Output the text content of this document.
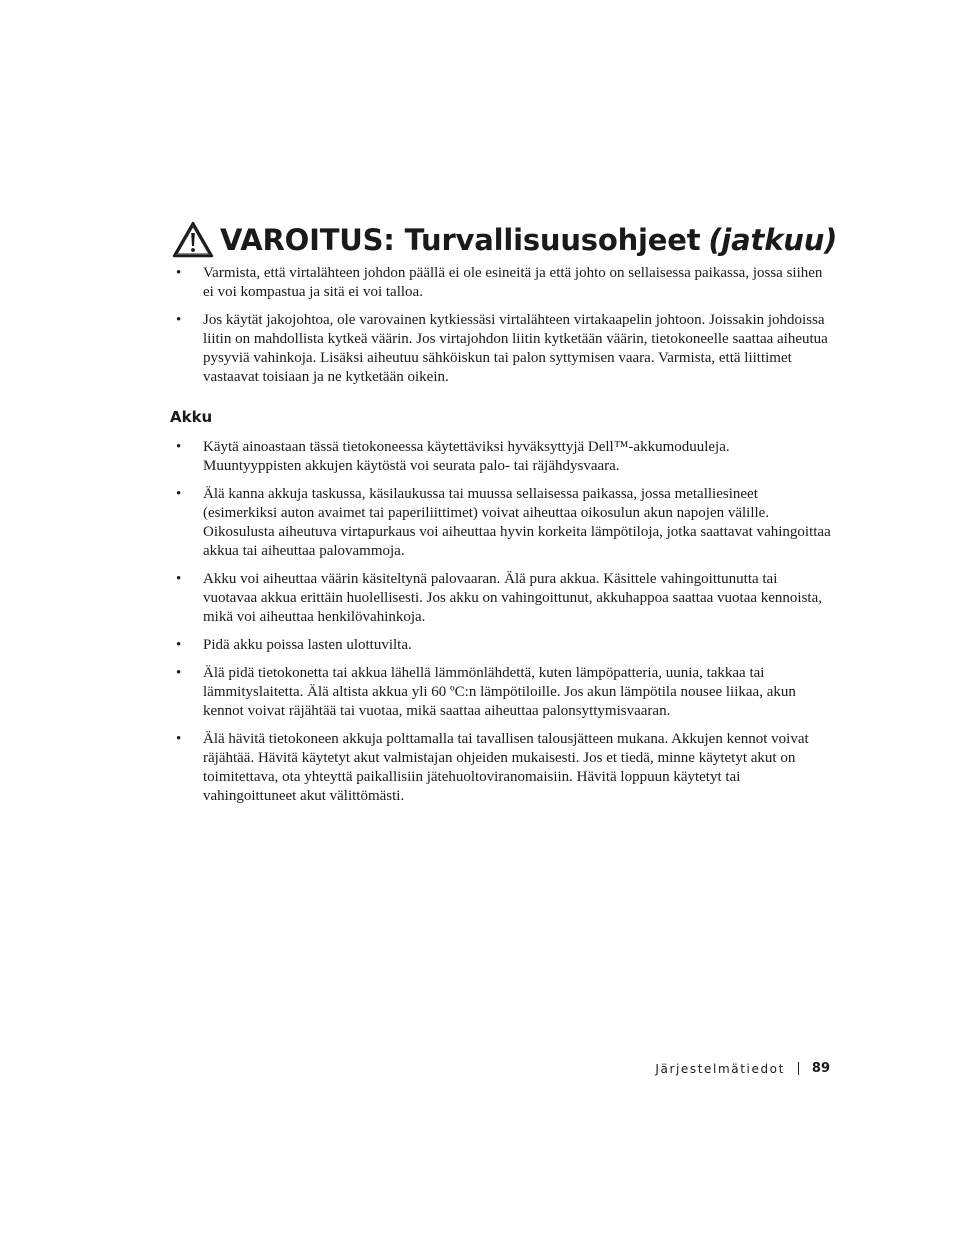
VAROITUS: Turvallisuusohjeet (jatkuu)
• Varmista, että virtalähteen johdon päällä ei ole esineitä ja että johto on sellaisessa paikassa, jossa siihen ei voi kompastua ja sitä ei voi talloa.
• Jos käytät jakojohtoa, ole varovainen kytkiessäsi virtalähteen virtakaapelin johtoon. Joissakin johdoissa liitin on mahdollista kytkeä väärin. Jos virtajohdon liitin kytketään väärin, tietokoneelle saattaa aiheutua pysyviä vahinkoja. Lisäksi aiheutuu sähköiskun tai palon syttymisen vaara. Varmista, että liittimet vastaavat toisiaan ja ne kytketään oikein.
Akku
• Käytä ainoastaan tässä tietokoneessa käytettäviksi hyväksyttyjä Dell™-akkumoduuleja. Muuntyyppisten akkujen käytöstä voi seurata palo- tai räjähdysvaara.
• Älä kanna akkuja taskussa, käsilaukussa tai muussa sellaisessa paikassa, jossa metalliesineet (esimerkiksi auton avaimet tai paperiliittimet) voivat aiheuttaa oikosulun akun napojen välille. Oikosulusta aiheutuva virtapurkaus voi aiheuttaa hyvin korkeita lämpötiloja, jotka saattavat vahingoittaa akkua tai aiheuttaa palovammoja.
• Akku voi aiheuttaa väärin käsiteltynä palovaaran. Älä pura akkua. Käsittele vahingoittunutta tai vuotavaa akkua erittäin huolellisesti. Jos akku on vahingoittunut, akkuhappoa saattaa vuotaa kennoista, mikä voi aiheuttaa henkilövahinkoja.
• Pidä akku poissa lasten ulottuvilta.
• Älä pidä tietokonetta tai akkua lähellä lämmönlähdettä, kuten lämpöpatteria, uunia, takkaa tai lämmityslaitetta. Älä altista akkua yli 60 ºC:n lämpötiloille. Jos akun lämpötila nousee liikaa, akun kennot voivat räjähtää tai vuotaa, mikä saattaa aiheuttaa palonsyttymisvaaran.
• Älä hävitä tietokoneen akkuja polttamalla tai tavallisen talousjätteen mukana. Akkujen kennot voivat räjähtää. Hävitä käytetyt akut valmistajan ohjeiden mukaisesti. Jos et tiedä, minne käytetyt akut on toimitettava, ota yhteyttä paikallisiin jätehuoltoviranomaisiin. Hävitä loppuun käytetyt tai vahingoittuneet akut välittömästi.
Järjestelmätiedot 89
